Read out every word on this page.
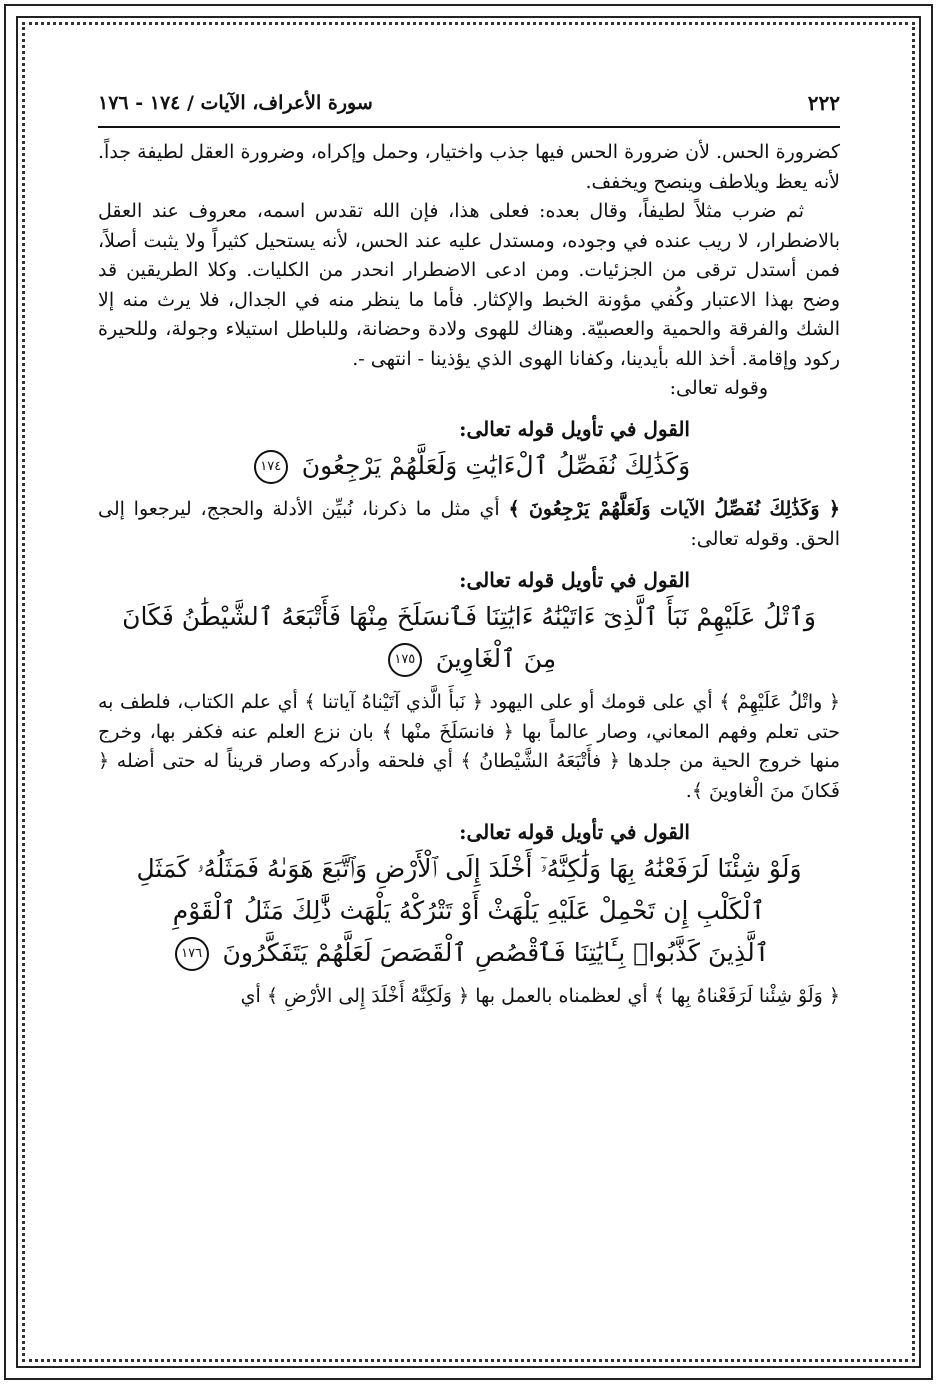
٢٢٢
سورة الأعراف، الآيات / ١٧٤ - ١٧٦

كضرورة الحس. لأن ضرورة الحس فيها جذب واختيار، وحمل وإكراه، وضرورة العقل لطيفة جداً. لأنه يعظ ويلاطف وينصح ويخفف.

ثم ضرب مثلاً لطيفاً، وقال بعده: فعلى هذا، فإن الله تقدس اسمه، معروف عند العقل بالاضطرار، لا ريب عنده في وجوده، ومستدل عليه عند الحس، لأنه يستحيل كثيراً ولا يثبت أصلاً، فمن أستدل ترقى من الجزئيات. ومن ادعى الاضطرار انحدر من الكليات. وكلا الطريقين قد وضح بهذا الاعتبار وكُفي مؤونة الخبط والإكثار. فأما ما ينظر منه في الجدال، فلا يرث منه إلا الشك والفرقة والحمية والعصبيّة. وهناك للهوى ولادة وحضانة، وللباطل استيلاء وجولة، وللحيرة ركود وإقامة. أخذ الله بأيدينا، وكفانا الهوى الذي يؤذينا - انتهى -.

وقوله تعالى:

القول في تأويل قوله تعالى:
وَكَذَٰلِكَ نُفَصِّلُ ٱلْءَايَٰتِ وَلَعَلَّهُمْ يَرْجِعُونَ ١٧٤

﴿ وَكَذَٰلِكَ نُفَصِّلُ الآيات وَلَعَلَّهُمْ يَرْجِعُونَ ﴾ أي مثل ما ذكرنا، نُبيِّن الأدلة والحجج، ليرجعوا إلى الحق. وقوله تعالى:

القول في تأويل قوله تعالى:
وَٱتْلُ عَلَيْهِمْ نَبَأَ ٱلَّذِىٓ ءَاتَيْنَٰهُ ءَايَٰتِنَا فَٱنسَلَخَ مِنْهَا فَأَتْبَعَهُ ٱلشَّيْطَٰنُ فَكَانَ
مِنَ ٱلْغَاوِينَ ١٧٥

﴿ واتْلُ عَلَيْهِمْ ﴾ أي على قومك أو على اليهود ﴿ نَبأَ الَّذي آتَيْناهُ آياتنا ﴾ أي علم الكتاب، فلطف به حتى تعلم وفهم المعاني، وصار عالماً بها ﴿ فانسَلَخَ منْها ﴾ بان نزع العلم عنه فكفر بها، وخرج منها خروج الحية من جلدها ﴿ فأَتْبَعَهُ الشَّيْطانُ ﴾ أي فلحقه وأدركه وصار قريناً له حتى أضله ﴿ فَكانَ منَ الْغاوينَ ﴾.

القول في تأويل قوله تعالى:
وَلَوْ شِئْنَا لَرَفَعْنَٰهُ بِهَا وَلَٰكِنَّهُۥٓ أَخْلَدَ إِلَى ٱلْأَرْضِ وَٱتَّبَعَ هَوَىٰهُ فَمَثَلُهُۥ كَمَثَلِ
ٱلْكَلْبِ إِن تَحْمِلْ عَلَيْهِ يَلْهَثْ أَوْ تَتْرُكْهُ يَلْهَث ذَّٰلِكَ مَثَلُ ٱلْقَوْمِ
ٱلَّذِينَ كَذَّبُوا۟ بِـَٔايَٰتِنَا فَٱقْصُصِ ٱلْقَصَصَ لَعَلَّهُمْ يَتَفَكَّرُونَ ١٧٦

﴿ وَلَوْ شِئْنا لَرَفَعْناهُ بِها ﴾ أي لعظمناه بالعمل بها ﴿ وَلَكِنَّهُ أَخْلَدَ إِلى الأرْضِ ﴾ أي
